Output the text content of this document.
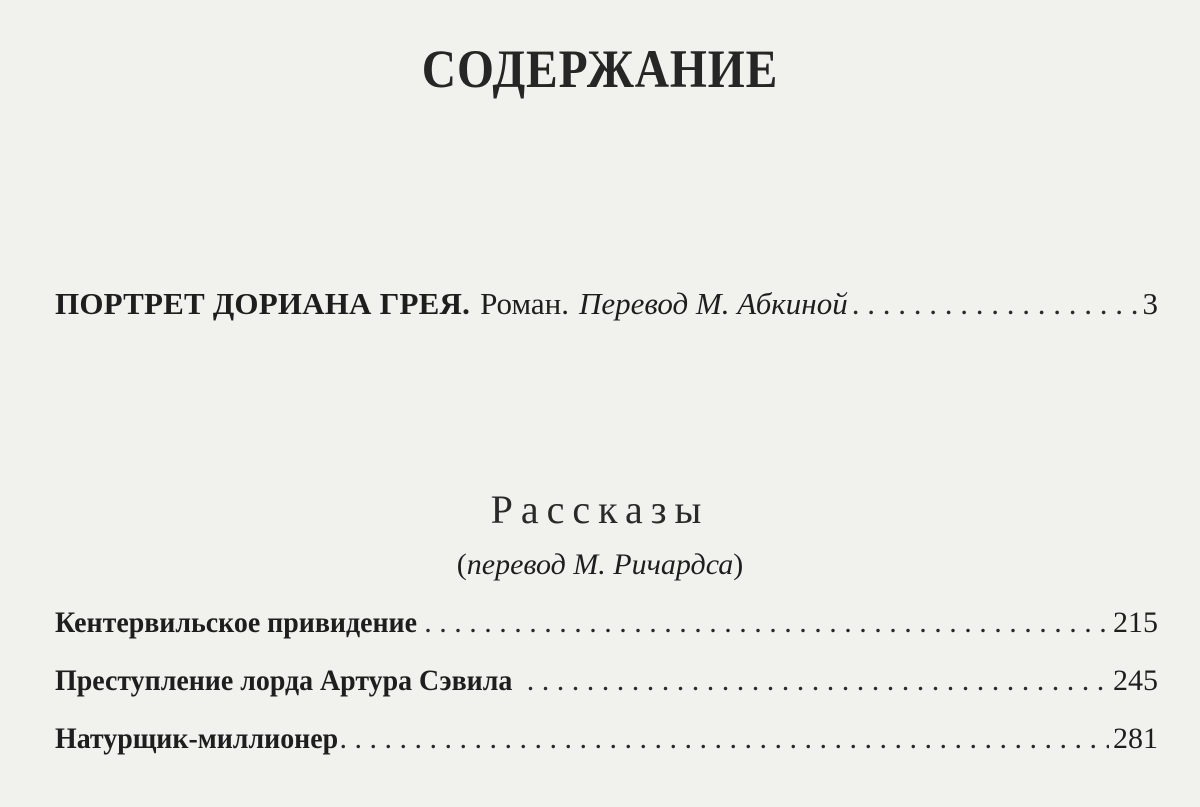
СОДЕРЖАНИЕ
ПОРТРЕТ ДОРИАНА ГРЕЯ. Роман. Перевод М. Абкиной . . .	3
Рассказы
(перевод М. Ричардса)
Кентервильское привидение . . .	215
Преступление лорда Артура Сэвила . . .	245
Натурщик-миллионер . . .	281
